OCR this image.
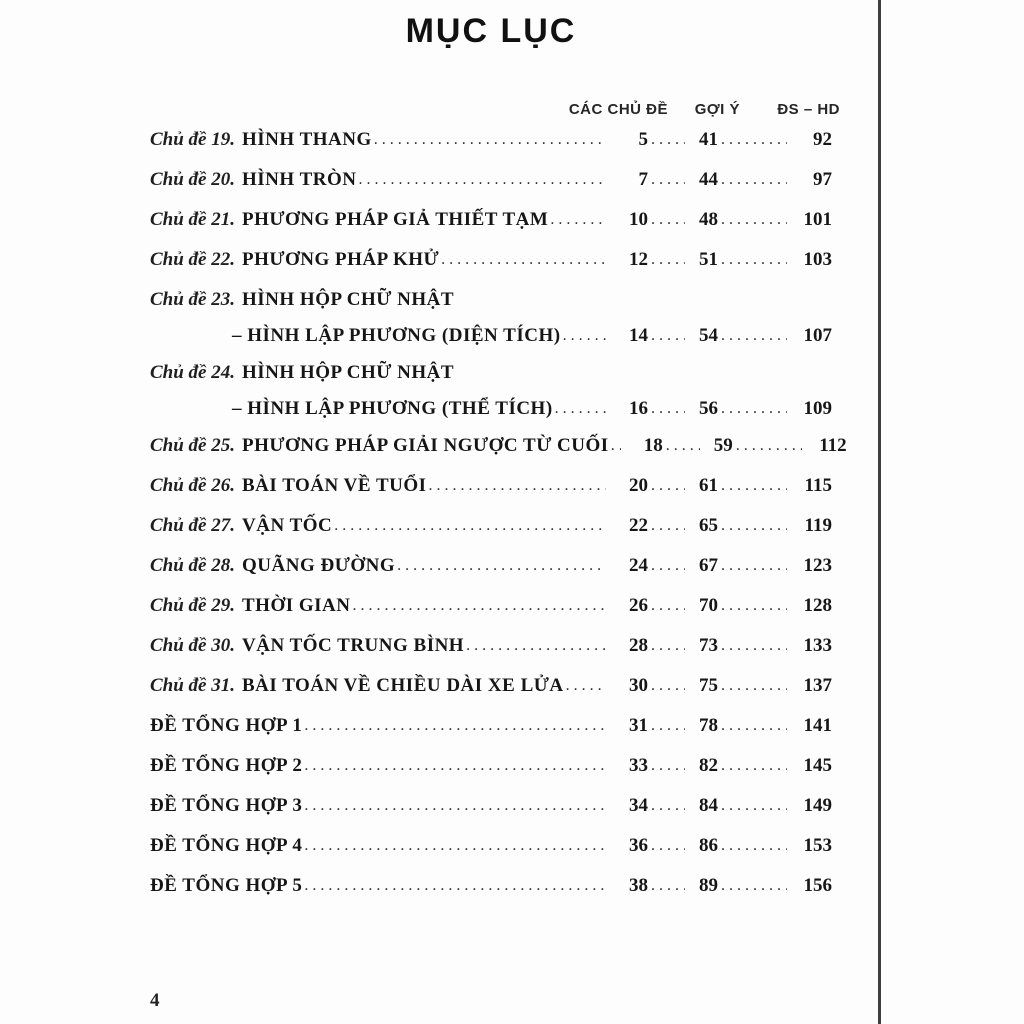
MỤC LỤC
CÁC CHỦ ĐỀ GỢI Ý ĐS – HD
Chủ đề 19. HÌNH THANG .....	5 .....	41 .....	92
Chủ đề 20. HÌNH TRÒN .....	7 .....	44 .....	97
Chủ đề 21. PHƯƠNG PHÁP GIẢ THIẾT TẠM .....	10 .....	48 .....	101
Chủ đề 22. PHƯƠNG PHÁP KHỬ .....	12 .....	51 .....	103
Chủ đề 23. HÌNH HỘP CHỮ NHẬT
– HÌNH LẬP PHƯƠNG (DIỆN TÍCH) .....	14 .....	54 .....	107
Chủ đề 24. HÌNH HỘP CHỮ NHẬT
– HÌNH LẬP PHƯƠNG (THỂ TÍCH) .....	16 .....	56 .....	109
Chủ đề 25. PHƯƠNG PHÁP GIẢI NGƯỢC TỪ CUỐI .....	18 .....	59 .....	112
Chủ đề 26. BÀI TOÁN VỀ TUỔI .....	20 .....	61 .....	115
Chủ đề 27. VẬN TỐC .....	22 .....	65 .....	119
Chủ đề 28. QUÃNG ĐƯỜNG .....	24 .....	67 .....	123
Chủ đề 29. THỜI GIAN .....	26 .....	70 .....	128
Chủ đề 30. VẬN TỐC TRUNG BÌNH .....	28 .....	73 .....	133
Chủ đề 31. BÀI TOÁN VỀ CHIỀU DÀI XE LỬA .....	30 .....	75 .....	137
ĐỀ TỔNG HỢP 1 .....	31 .....	78 .....	141
ĐỀ TỔNG HỢP 2 .....	33 .....	82 .....	145
ĐỀ TỔNG HỢP 3 .....	34 .....	84 .....	149
ĐỀ TỔNG HỢP 4 .....	36 .....	86 .....	153
ĐỀ TỔNG HỢP 5 .....	38 .....	89 .....	156
4
